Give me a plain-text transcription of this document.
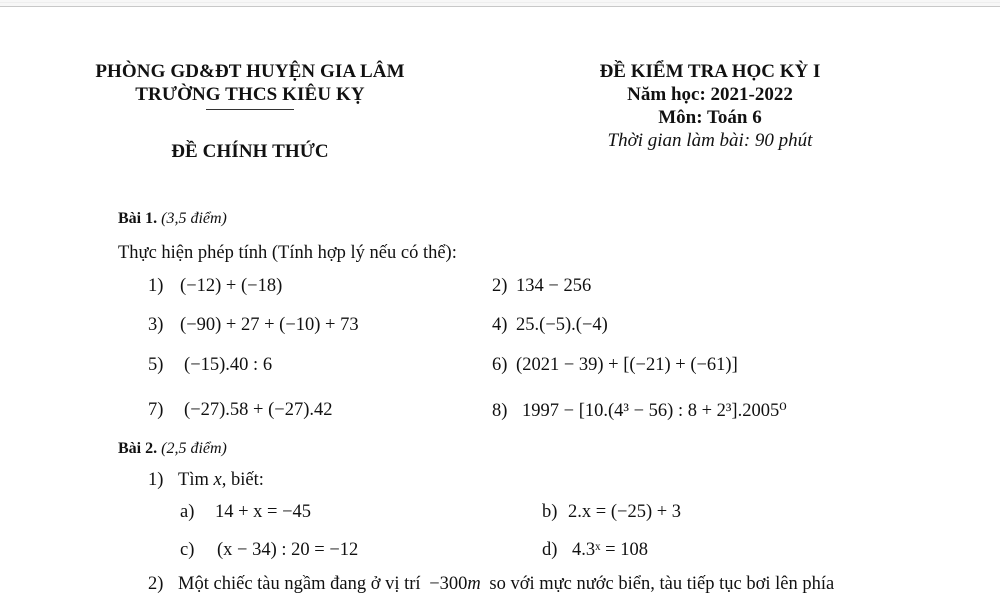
PHÒNG GD&ĐT HUYỆN GIA LÂM
TRƯỜNG THCS KIÊU KỴ
ĐỀ CHÍNH THỨC
ĐỀ KIỂM TRA HỌC KỲ I
Năm học: 2021-2022
Môn: Toán 6
Thời gian làm bài: 90 phút
Bài 1. (3,5 điểm)
Thực hiện phép tính (Tính hợp lý nếu có thể):
1) (−12) + (−18)	2) 134 − 256
3) (−90) + 27 + (−10) + 73	4) 25.(−5).(−4)
5) (−15).40 : 6	6) (2021 − 39) + [(−21) + (−61)]
7) (−27).58 + (−27).42	8) 1997 − [10.(4³ − 56) : 8 + 2³].2005⁰
Bài 2. (2,5 điểm)
1) Tìm x, biết:
a) 14 + x = −45	b) 2.x = (−25) + 3
c) (x − 34) : 20 = −12	d) 4.3ˣ = 108
2) Một chiếc tàu ngầm đang ở vị trí −300m so với mực nước biển, tàu tiếp tục bơi lên phía
